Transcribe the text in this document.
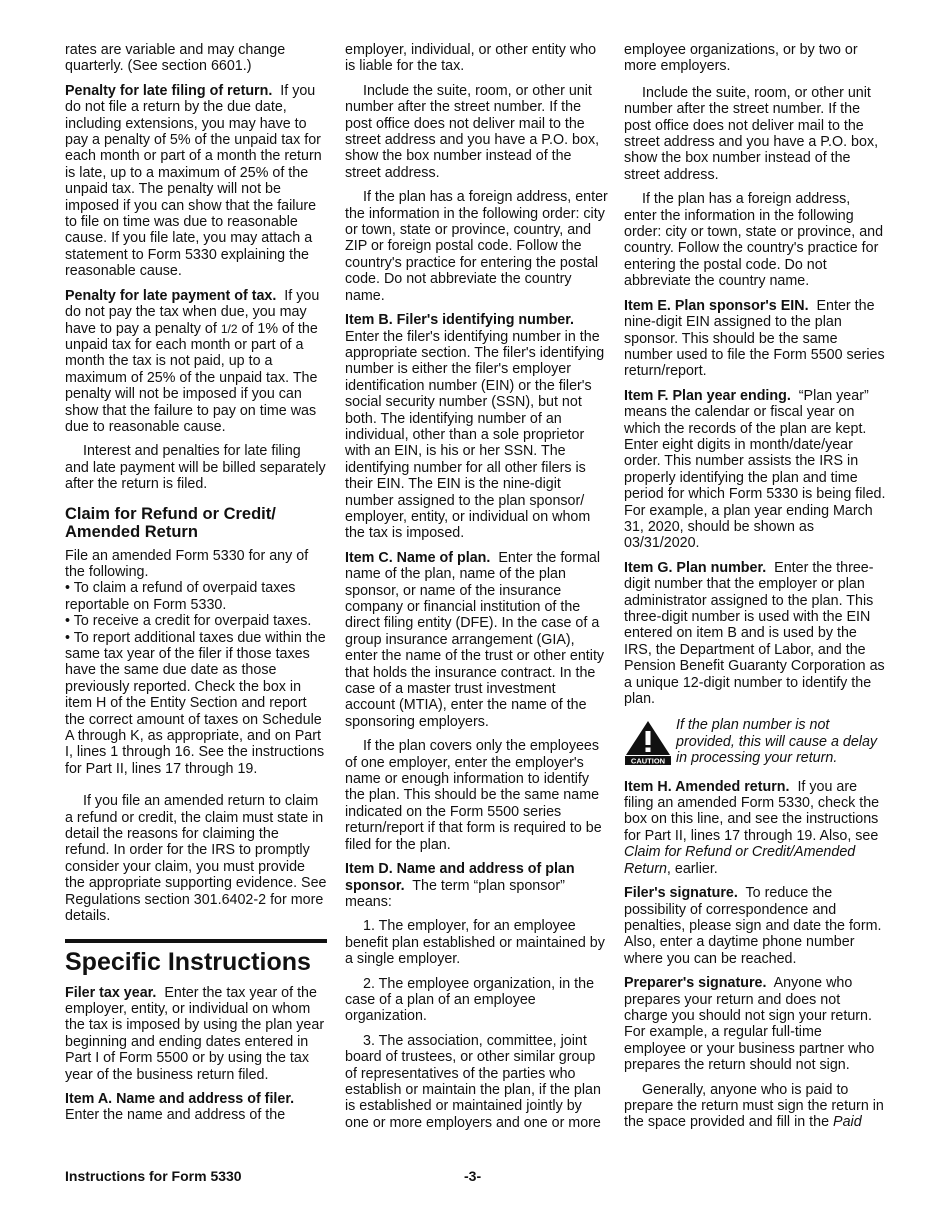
rates are variable and may change quarterly. (See section 6601.)

Penalty for late filing of return. If you do not file a return by the due date, including extensions, you may have to pay a penalty of 5% of the unpaid tax for each month or part of a month the return is late, up to a maximum of 25% of the unpaid tax. The penalty will not be imposed if you can show that the failure to file on time was due to reasonable cause. If you file late, you may attach a statement to Form 5330 explaining the reasonable cause.

Penalty for late payment of tax. If you do not pay the tax when due, you may have to pay a penalty of 1/2 of 1% of the unpaid tax for each month or part of a month the tax is not paid, up to a maximum of 25% of the unpaid tax. The penalty will not be imposed if you can show that the failure to pay on time was due to reasonable cause.

Interest and penalties for late filing and late payment will be billed separately after the return is filed.

Claim for Refund or Credit/ Amended Return

File an amended Form 5330 for any of the following.

• To claim a refund of overpaid taxes reportable on Form 5330.

• To receive a credit for overpaid taxes.

• To report additional taxes due within the same tax year of the filer if those taxes have the same due date as those previously reported. Check the box in item H of the Entity Section and report the correct amount of taxes on Schedule A through K, as appropriate, and on Part I, lines 1 through 16. See the instructions for Part II, lines 17 through 19.

If you file an amended return to claim a refund or credit, the claim must state in detail the reasons for claiming the refund. In order for the IRS to promptly consider your claim, you must provide the appropriate supporting evidence. See Regulations section 301.6402-2 for more details.

Specific Instructions

Filer tax year. Enter the tax year of the employer, entity, or individual on whom the tax is imposed by using the plan year beginning and ending dates entered in Part I of Form 5500 or by using the tax year of the business return filed.

Item A. Name and address of filer. Enter the name and address of the

employer, individual, or other entity who is liable for the tax.

Include the suite, room, or other unit number after the street number. If the post office does not deliver mail to the street address and you have a P.O. box, show the box number instead of the street address.

If the plan has a foreign address, enter the information in the following order: city or town, state or province, country, and ZIP or foreign postal code. Follow the country's practice for entering the postal code. Do not abbreviate the country name.

Item B. Filer's identifying number. Enter the filer's identifying number in the appropriate section. The filer's identifying number is either the filer's employer identification number (EIN) or the filer's social security number (SSN), but not both. The identifying number of an individual, other than a sole proprietor with an EIN, is his or her SSN. The identifying number for all other filers is their EIN. The EIN is the nine-digit number assigned to the plan sponsor/ employer, entity, or individual on whom the tax is imposed.

Item C. Name of plan. Enter the formal name of the plan, name of the plan sponsor, or name of the insurance company or financial institution of the direct filing entity (DFE). In the case of a group insurance arrangement (GIA), enter the name of the trust or other entity that holds the insurance contract. In the case of a master trust investment account (MTIA), enter the name of the sponsoring employers.

If the plan covers only the employees of one employer, enter the employer's name or enough information to identify the plan. This should be the same name indicated on the Form 5500 series return/report if that form is required to be filed for the plan.

Item D. Name and address of plan sponsor. The term “plan sponsor” means:

1. The employer, for an employee benefit plan established or maintained by a single employer.

2. The employee organization, in the case of a plan of an employee organization.

3. The association, committee, joint board of trustees, or other similar group of representatives of the parties who establish or maintain the plan, if the plan is established or maintained jointly by one or more employers and one or more

employee organizations, or by two or more employers.

Include the suite, room, or other unit number after the street number. If the post office does not deliver mail to the street address and you have a P.O. box, show the box number instead of the street address.

If the plan has a foreign address, enter the information in the following order: city or town, state or province, and country. Follow the country's practice for entering the postal code. Do not abbreviate the country name.

Item E. Plan sponsor's EIN. Enter the nine-digit EIN assigned to the plan sponsor. This should be the same number used to file the Form 5500 series return/report.

Item F. Plan year ending. “Plan year” means the calendar or fiscal year on which the records of the plan are kept. Enter eight digits in month/date/year order. This number assists the IRS in properly identifying the plan and time period for which Form 5330 is being filed. For example, a plan year ending March 31, 2020, should be shown as 03/31/2020.

Item G. Plan number. Enter the three-digit number that the employer or plan administrator assigned to the plan. This three-digit number is used with the EIN entered on item B and is used by the IRS, the Department of Labor, and the Pension Benefit Guaranty Corporation as a unique 12-digit number to identify the plan.

CAUTION
If the plan number is not provided, this will cause a delay in processing your return.

Item H. Amended return. If you are filing an amended Form 5330, check the box on this line, and see the instructions for Part II, lines 17 through 19. Also, see Claim for Refund or Credit/Amended Return, earlier.

Filer's signature. To reduce the possibility of correspondence and penalties, please sign and date the form. Also, enter a daytime phone number where you can be reached.

Preparer's signature. Anyone who prepares your return and does not charge you should not sign your return. For example, a regular full-time employee or your business partner who prepares the return should not sign.

Generally, anyone who is paid to prepare the return must sign the return in the space provided and fill in the Paid

Instructions for Form 5330	-3-
